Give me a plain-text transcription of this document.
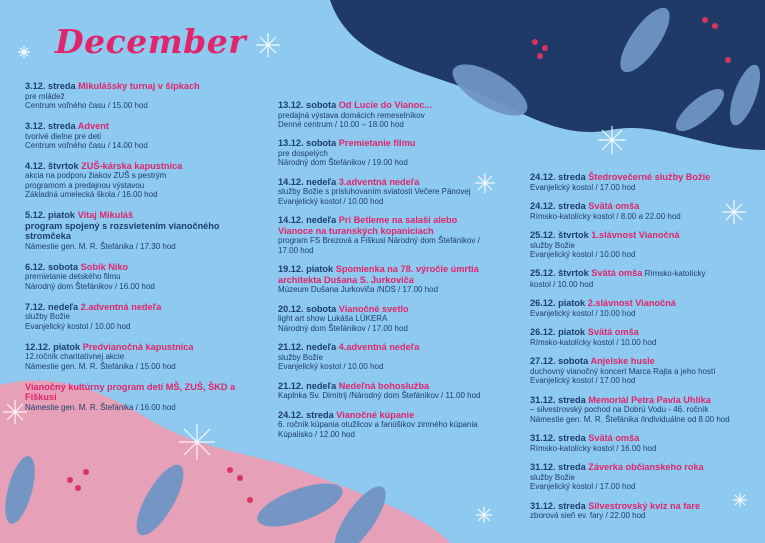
December
3.12. streda Mikulášsky turnaj v šípkach
pre mládež
Centrum voľného času / 15.00 hod
3.12. streda Advent
tvorivé dielne pre deti
Centrum voľného času / 14.00 hod
4.12. štvrtok ZUŠ-kárska kapustnica
akcia na podporu žiakov ZUŠ s pestrým
programom a predajnou výstavou
Základná umelecká škola / 16.00 hod
5.12. piatok Vitaj Mikuláš
program spojený s rozsvietením vianočného stromčeka
Námestie gen. M. R. Štefánika / 17.30 hod
6.12. sobota Sobík Niko
premietanie detského filmu
Národný dom Štefánikov / 16.00 hod
7.12. nedeľa 2.adventná nedeľa
služby Božie
Evanjelický kostol / 10.00 hod
12.12. piatok Predvianočná kapustnica
12.ročník charitatívnej akcie
Námestie gen. M. R. Štefánika / 15.00 hod
Vianočný kultúrny program detí MŠ, ZUŠ, ŠKD a Fiškusi
Námestie gen. M. R. Štefánika / 16.00 hod
13.12. sobota Od Lucie do Vianoc...
predajná výstava domácich remeselníkov
Denné centrum / 10.00 – 18.00 hod
13.12. sobota Premietanie filmu
pre dospelých
Národný dom Štefánikov / 19.00 hod
14.12. nedeľa 3.adventná nedeľa
služby Božie s prisluhovaním sviatosti Večere Pánovej
Evanjelický kostol / 10.00 hod
14.12. nedeľa Pri Betleme na salaši alebo Vianoce na turanských kopaniciach
program FS Brezová a Fiškusi Národný dom Štefánikov / 17.00 hod
19.12. piatok Spomienka na 78. výročie úmrtia architekta Dušana S. Jurkoviča
Múzeum Dušana Jurkoviča /NDS / 17.00 hod
20.12. sobota Vianočné svetlo
light art show Lukáša LÚKERA
Národný dom Štefánikov / 17.00 hod
21.12. nedeľa 4.adventná nedeľa
služby Božie
Evanjelický kostol / 10.00 hod
21.12. nedeľa Nedeľná bohoslužba
Kaplnka Sv. Dimitrij /Národný dom Štefánikov / 11.00 hod
24.12. streda Vianočné kúpanie
6. ročník kúpania otužilcov a fanúšikov zimného kúpania
Kúpalisko / 12.00 hod
24.12. streda Štedrovečerné služby Božie
Evanjelický kostol / 17.00 hod
24.12. streda Svätá omša
Rímsko-katolícky kostol / 8.00 a 22.00 hod
25.12. štvrtok 1.slávnost Vianočná
služby Božie
Evanjelický kostol / 10.00 hod
25.12. štvrtok Svätá omša Rímsko-katolícky
kostol / 10.00 hod
26.12. piatok 2.slávnost Vianočná
Evanjelický kostol / 10.00 hod
26.12. piatok Svätá omša
Rímsko-katolícky kostol / 10.00 hod
27.12. sobota Anjelske husle
duchovný vianočný koncert Marca Rajta a jeho hostí
Evanjelický kostol / 17.00 hod
31.12. streda Memoriál Petra Pavla Uhlíka
– silvestrovský pochod na Dobrú Vodu - 46. ročník
Námestie gen. M. R. Štefánika /individuálne od 8.00 hod
31.12. streda Svätá omša
Rímsko-katolícky kostol / 16.00 hod
31.12. streda Záverka občianskeho roka
služby Božie
Evanjelický kostol / 17.00 hod
31.12. streda Silvestrovský kvíz na fare
zborová sieň ev. fary / 22.00 hod
